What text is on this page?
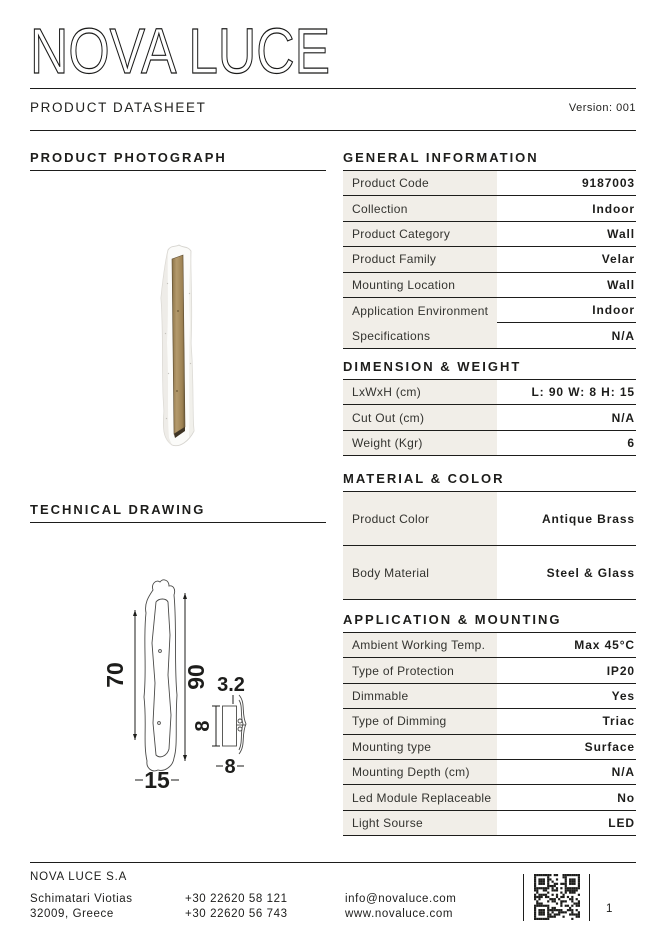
NOVA LUCE
PRODUCT DATASHEET	Version: 001
PRODUCT PHOTOGRAPH
TECHNICAL DRAWING
70 90
15
3.2
8
8
GENERAL INFORMATION
Product Code	9187003
Collection	Indoor
Product Category	Wall
Product Family	Velar
Mounting Location	Wall
Application Environment	Indoor
Specifications	N/A
DIMENSION & WEIGHT
LxWxH (cm)	L: 90 W: 8 H: 15
Cut Out (cm)	N/A
Weight (Kgr)	6
MATERIAL & COLOR
Product Color	Antique Brass
Body Material	Steel & Glass
APPLICATION & MOUNTING
Ambient Working Temp.	Max 45°C
Type of Protection	IP20
Dimmable	Yes
Type of Dimming	Triac
Mounting type	Surface
Mounting Depth (cm)	N/A
Led Module Replaceable	No
Light Sourse	LED
NOVA LUCE S.A
Schimatari Viotias
32009, Greece
+30 22620 58 121
+30 22620 56 743
info@novaluce.com
www.novaluce.com	1
